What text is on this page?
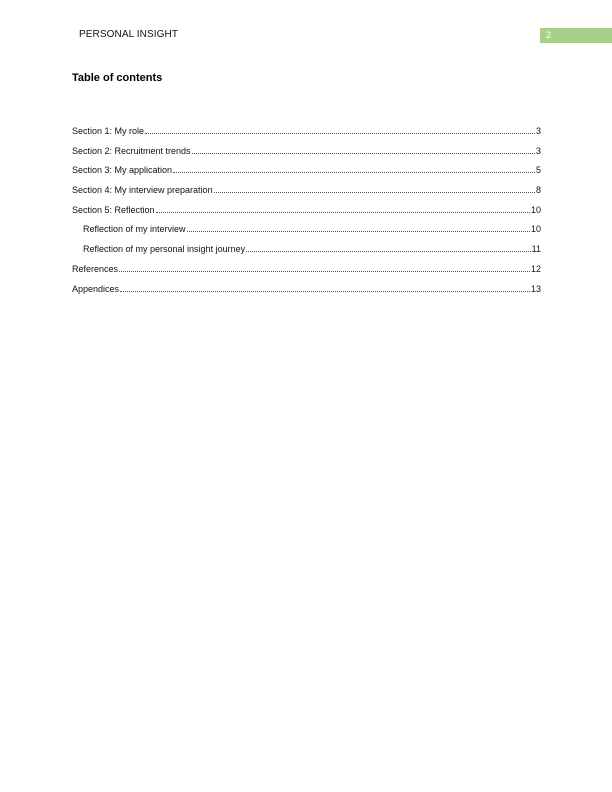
PERSONAL INSIGHT	2
Table of contents
Section 1: My role	3
Section 2: Recruitment trends	3
Section 3: My application	5
Section 4: My interview preparation	8
Section 5: Reflection	10
Reflection of my interview	10
Reflection of my personal insight journey	11
References	12
Appendices	13
